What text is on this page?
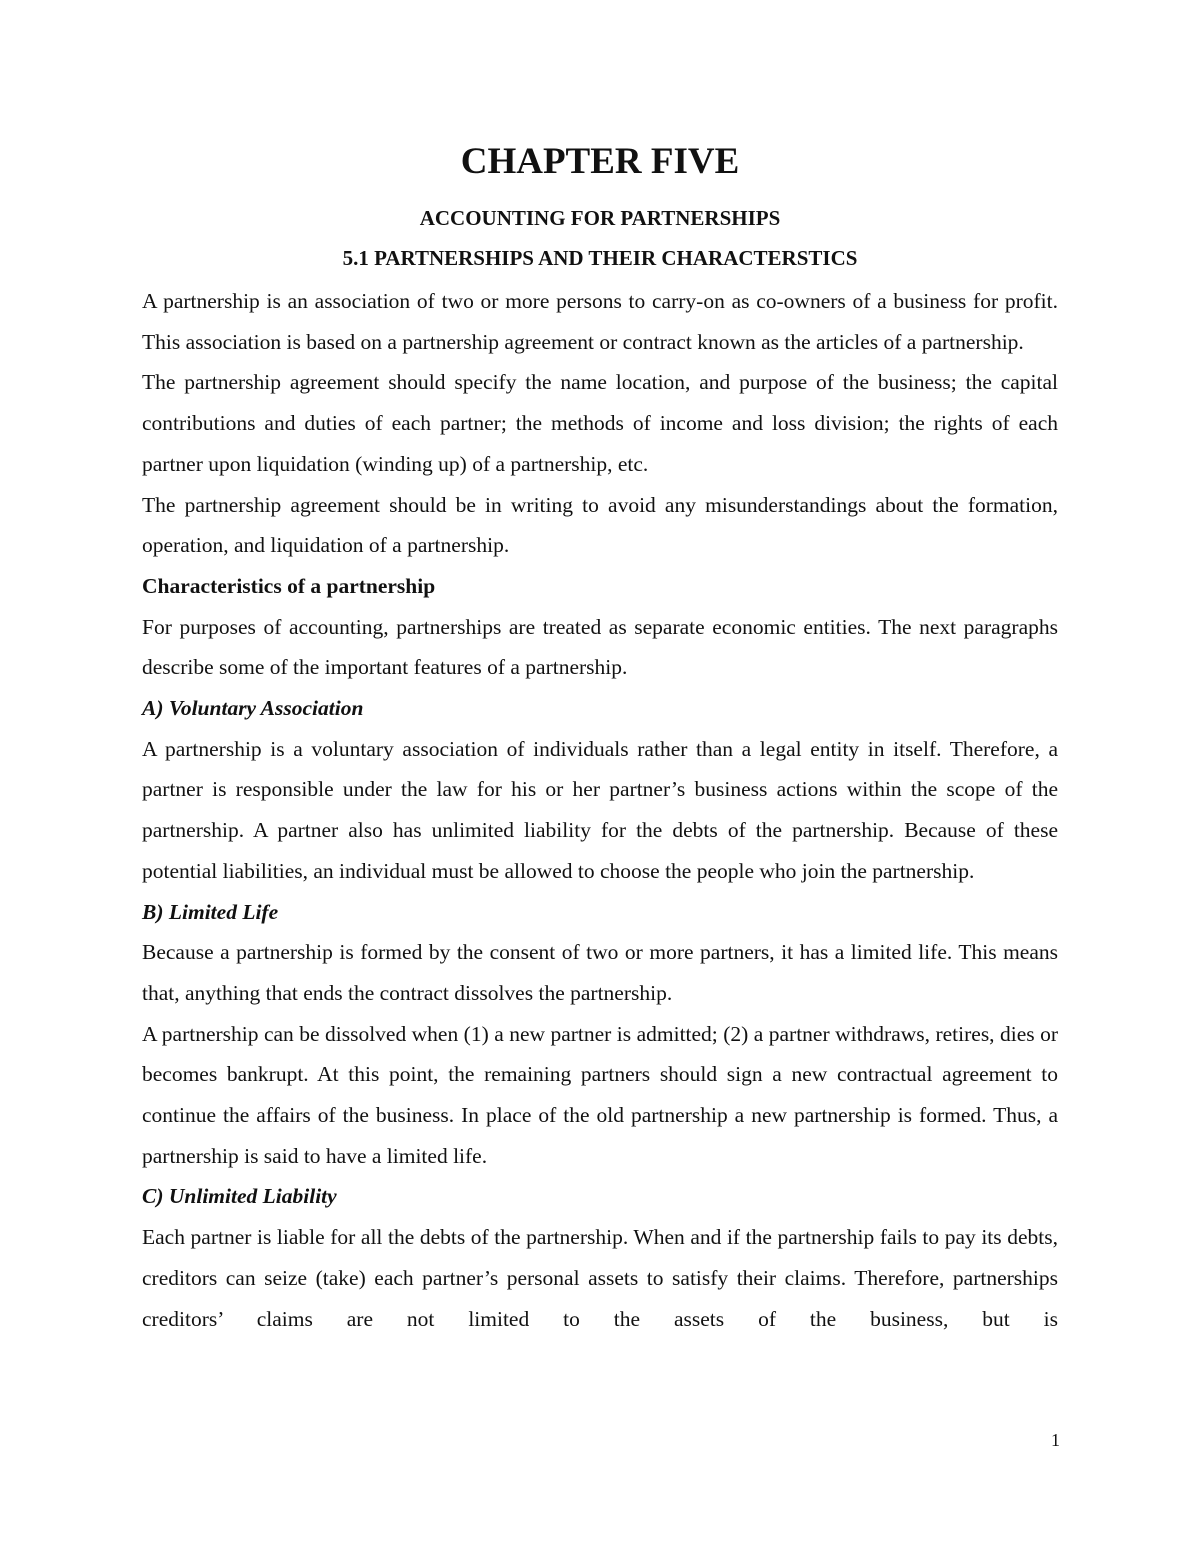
CHAPTER FIVE
ACCOUNTING FOR PARTNERSHIPS
5.1 PARTNERSHIPS AND THEIR CHARACTERSTICS

A partnership is an association of two or more persons to carry-on as co-owners of a business for profit. This association is based on a partnership agreement or contract known as the articles of a partnership.

The partnership agreement should specify the name location, and purpose of the business; the capital contributions and duties of each partner; the methods of income and loss division; the rights of each partner upon liquidation (winding up) of a partnership, etc.

The partnership agreement should be in writing to avoid any misunderstandings about the formation, operation, and liquidation of a partnership.

Characteristics of a partnership

For purposes of accounting, partnerships are treated as separate economic entities. The next paragraphs describe some of the important features of a partnership.

A) Voluntary Association

A partnership is a voluntary association of individuals rather than a legal entity in itself. Therefore, a partner is responsible under the law for his or her partner’s business actions within the scope of the partnership. A partner also has unlimited liability for the debts of the partnership. Because of these potential liabilities, an individual must be allowed to choose the people who join the partnership.

B) Limited Life

Because a partnership is formed by the consent of two or more partners, it has a limited life. This means that, anything that ends the contract dissolves the partnership.

A partnership can be dissolved when (1) a new partner is admitted; (2) a partner withdraws, retires, dies or becomes bankrupt. At this point, the remaining partners should sign a new contractual agreement to continue the affairs of the business. In place of the old partnership a new partnership is formed. Thus, a partnership is said to have a limited life.

C) Unlimited Liability

Each partner is liable for all the debts of the partnership. When and if the partnership fails to pay its debts, creditors can seize (take) each partner’s personal assets to satisfy their claims. Therefore, partnerships creditors’ claims are not limited to the assets of the business, but is

1
